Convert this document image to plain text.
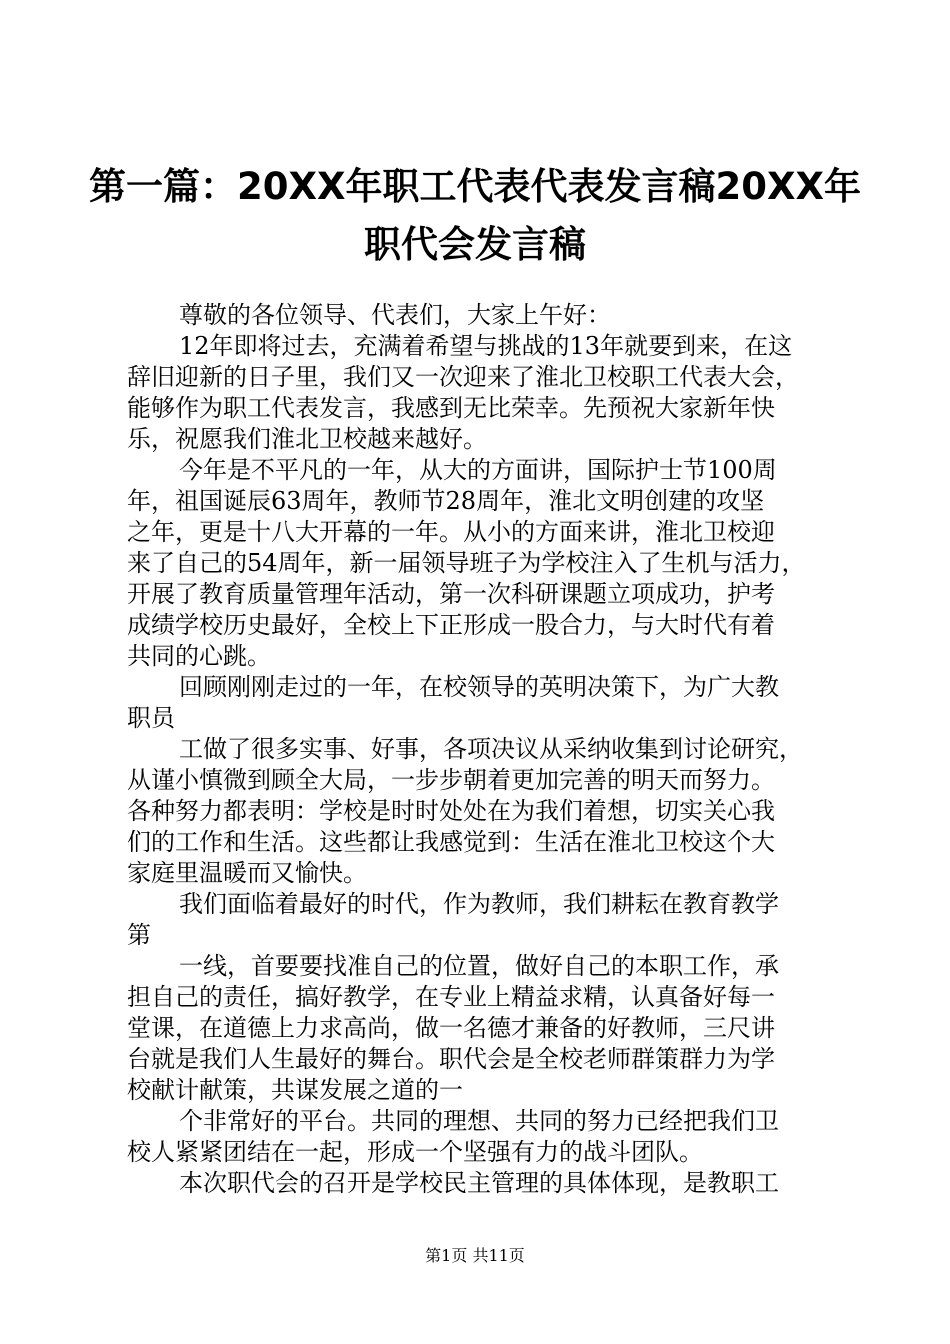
第一篇：20XX年职工代表代表发言稿20XX年
职代会发言稿
尊敬的各位领导、代表们，大家上午好：
12年即将过去，充满着希望与挑战的13年就要到来，在这
辞旧迎新的日子里，我们又一次迎来了淮北卫校职工代表大会，
能够作为职工代表发言，我感到无比荣幸。先预祝大家新年快
乐，祝愿我们淮北卫校越来越好。
今年是不平凡的一年，从大的方面讲，国际护士节100周
年，祖国诞辰63周年，教师节28周年，淮北文明创建的攻坚
之年，更是十八大开幕的一年。从小的方面来讲，淮北卫校迎
来了自己的54周年，新一届领导班子为学校注入了生机与活力，
开展了教育质量管理年活动，第一次科研课题立项成功，护考
成绩学校历史最好，全校上下正形成一股合力，与大时代有着
共同的心跳。
回顾刚刚走过的一年，在校领导的英明决策下，为广大教
职员
工做了很多实事、好事，各项决议从采纳收集到讨论研究，
从谨小慎微到顾全大局，一步步朝着更加完善的明天而努力。
各种努力都表明：学校是时时处处在为我们着想，切实关心我
们的工作和生活。这些都让我感觉到：生活在淮北卫校这个大
家庭里温暖而又愉快。
我们面临着最好的时代，作为教师，我们耕耘在教育教学
第
一线，首要要找准自己的位置，做好自己的本职工作，承
担自己的责任，搞好教学，在专业上精益求精，认真备好每一
堂课，在道德上力求高尚，做一名德才兼备的好教师，三尺讲
台就是我们人生最好的舞台。职代会是全校老师群策群力为学
校献计献策，共谋发展之道的一
个非常好的平台。共同的理想、共同的努力已经把我们卫
校人紧紧团结在一起，形成一个坚强有力的战斗团队。
本次职代会的召开是学校民主管理的具体体现，是教职工
第1页 共11页
